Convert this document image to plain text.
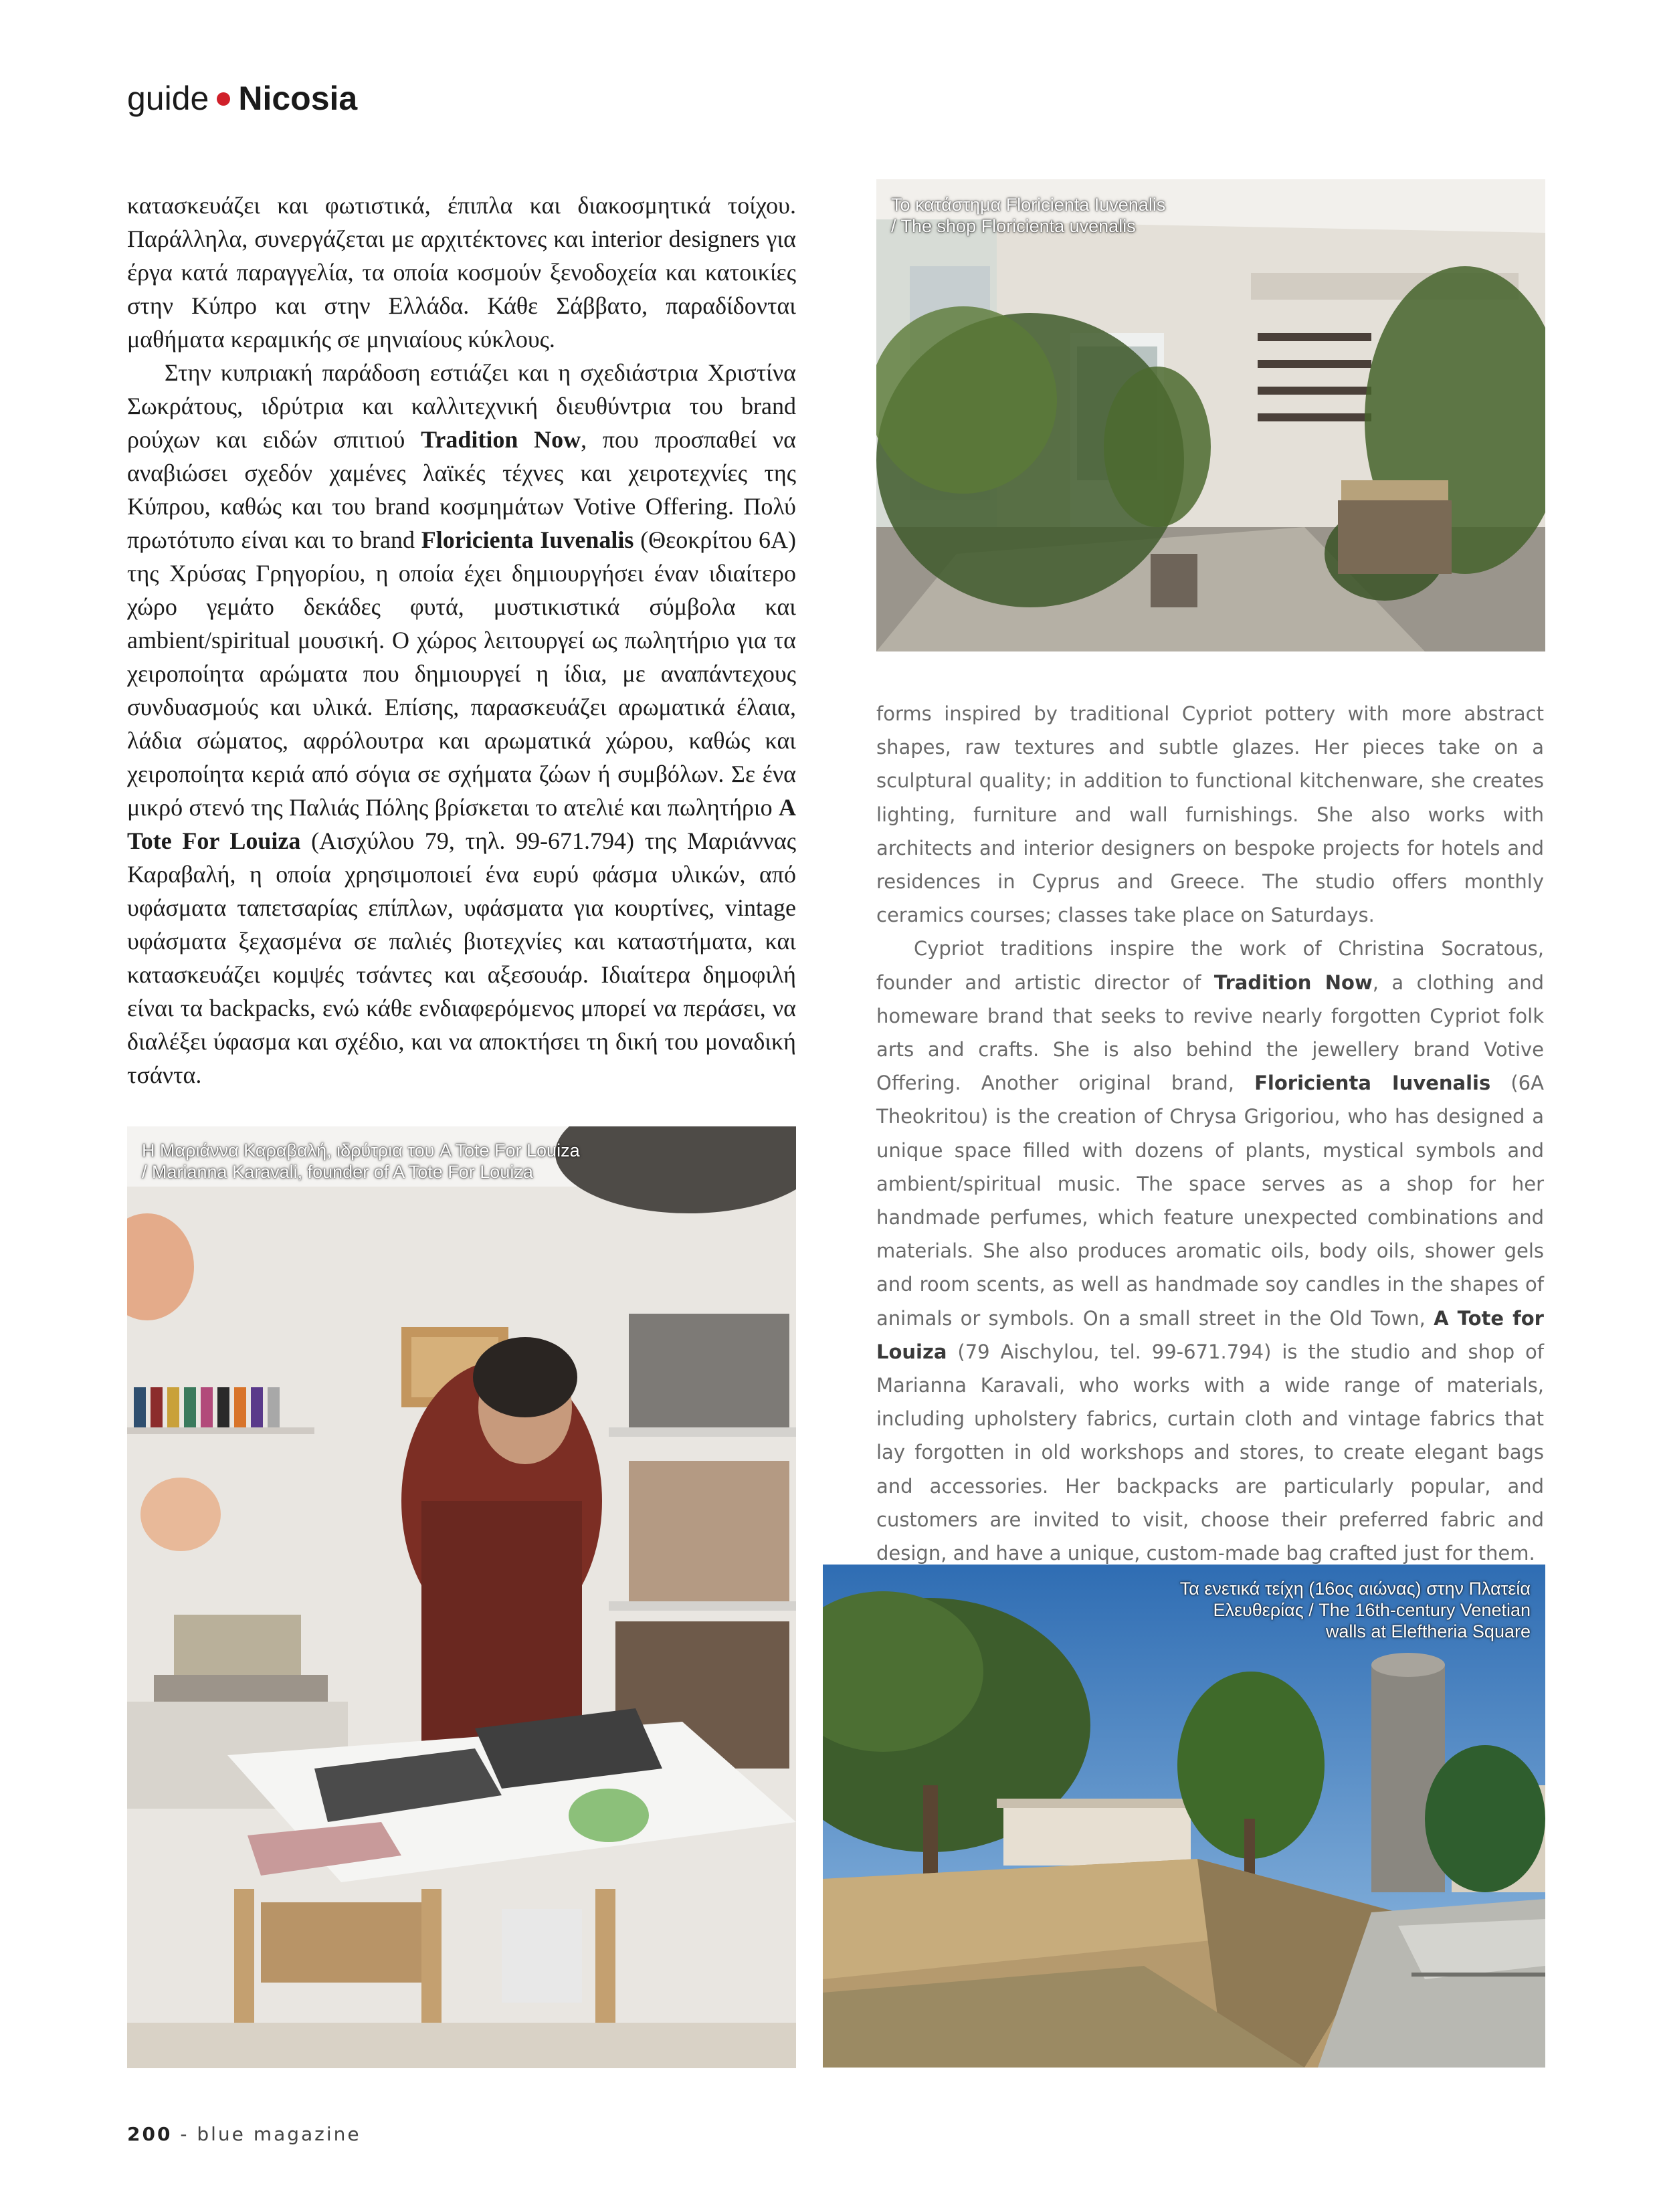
guide Nicosia

κατασκευάζει και φωτιστικά, έπιπλα και διακοσμητικά τοίχου. Παράλληλα, συνεργάζεται με αρχιτέκτονες και interior designers για έργα κατά παραγγελία, τα οποία κοσμούν ξενοδοχεία και κατοικίες στην Κύπρο και στην Ελλάδα. Κάθε Σάββατο, παραδίδονται μαθήματα κεραμικής σε μηνιαίους κύκλους.

Στην κυπριακή παράδοση εστιάζει και η σχεδιάστρια Χριστίνα Σωκράτους, ιδρύτρια και καλλιτεχνική διευθύντρια του brand ρούχων και ειδών σπιτιού Tradition Now, που προσπαθεί να αναβιώσει σχεδόν χαμένες λαϊκές τέχνες και χειροτεχνίες της Κύπρου, καθώς και του brand κοσμημάτων Votive Offering. Πολύ πρωτότυπο είναι και το brand Floricienta Iuvenalis (Θεοκρίτου 6Α) της Χρύσας Γρηγορίου, η οποία έχει δημιουργήσει έναν ιδιαίτερο χώρο γεμάτο δεκάδες φυτά, μυστικιστικά σύμβολα και ambient/spiritual μουσική. Ο χώρος λειτουργεί ως πωλητήριο για τα χειροποίητα αρώματα που δημιουργεί η ίδια, με αναπάντεχους συνδυασμούς και υλικά. Επίσης, παρασκευάζει αρωματικά έλαια, λάδια σώματος, αφρόλουτρα και αρωματικά χώρου, καθώς και χειροποίητα κεριά από σόγια σε σχήματα ζώων ή συμβόλων. Σε ένα μικρό στενό της Παλιάς Πόλης βρίσκεται το ατελιέ και πωλητήριο A Tote For Louiza (Αισχύλου 79, τηλ. 99-671.794) της Μαριάννας Καραβαλή, η οποία χρησιμοποιεί ένα ευρύ φάσμα υλικών, από υφάσματα ταπετσαρίας επίπλων, υφάσματα για κουρτίνες, vintage υφάσματα ξεχασμένα σε παλιές βιοτεχνίες και καταστήματα, και κατασκευάζει κομψές τσάντες και αξεσουάρ. Ιδιαίτερα δημοφιλή είναι τα backpacks, ενώ κάθε ενδιαφερόμενος μπορεί να περάσει, να διαλέξει ύφασμα και σχέδιο, και να αποκτήσει τη δική του μοναδική τσάντα.

forms inspired by traditional Cypriot pottery with more abstract shapes, raw textures and subtle glazes. Her pieces take on a sculptural quality; in addition to functional kitchenware, she creates lighting, furniture and wall furnishings. She also works with architects and interior designers on bespoke projects for hotels and residences in Cyprus and Greece. The studio offers monthly ceramics courses; classes take place on Saturdays.

Cypriot traditions inspire the work of Christina Socratous, founder and artistic director of Tradition Now, a clothing and homeware brand that seeks to revive nearly forgotten Cypriot folk arts and crafts. She is also behind the jewellery brand Votive Offering. Another original brand, Floricienta Iuvenalis (6A Theokritou) is the creation of Chrysa Grigoriou, who has designed a unique space filled with dozens of plants, mystical symbols and ambient/spiritual music. The space serves as a shop for her handmade perfumes, which feature unexpected combinations and materials. She also produces aromatic oils, body oils, shower gels and room scents, as well as handmade soy candles in the shapes of animals or symbols. On a small street in the Old Town, A Tote for Louiza (79 Aischylou, tel. 99-671.794) is the studio and shop of Marianna Karavali, who works with a wide range of materials, including upholstery fabrics, curtain cloth and vintage fabrics that lay forgotten in old workshops and stores, to create elegant bags and accessories. Her backpacks are particularly popular, and customers are invited to visit, choose their preferred fabric and design, and have a unique, custom-made bag crafted just for them.

Το κατάστημα Floricienta Iuvenalis
/ The shop Floricienta uvenalis
Η Μαριάννα Καραβαλή, ιδρύτρια του A Tote For Louiza
/ Marianna Karavali, founder of A Tote For Louiza
Τα ενετικά τείχη (16ος αιώνας) στην Πλατεία
Ελευθερίας / The 16th-century Venetian
walls at Eleftheria Square
200 - blue magazine
